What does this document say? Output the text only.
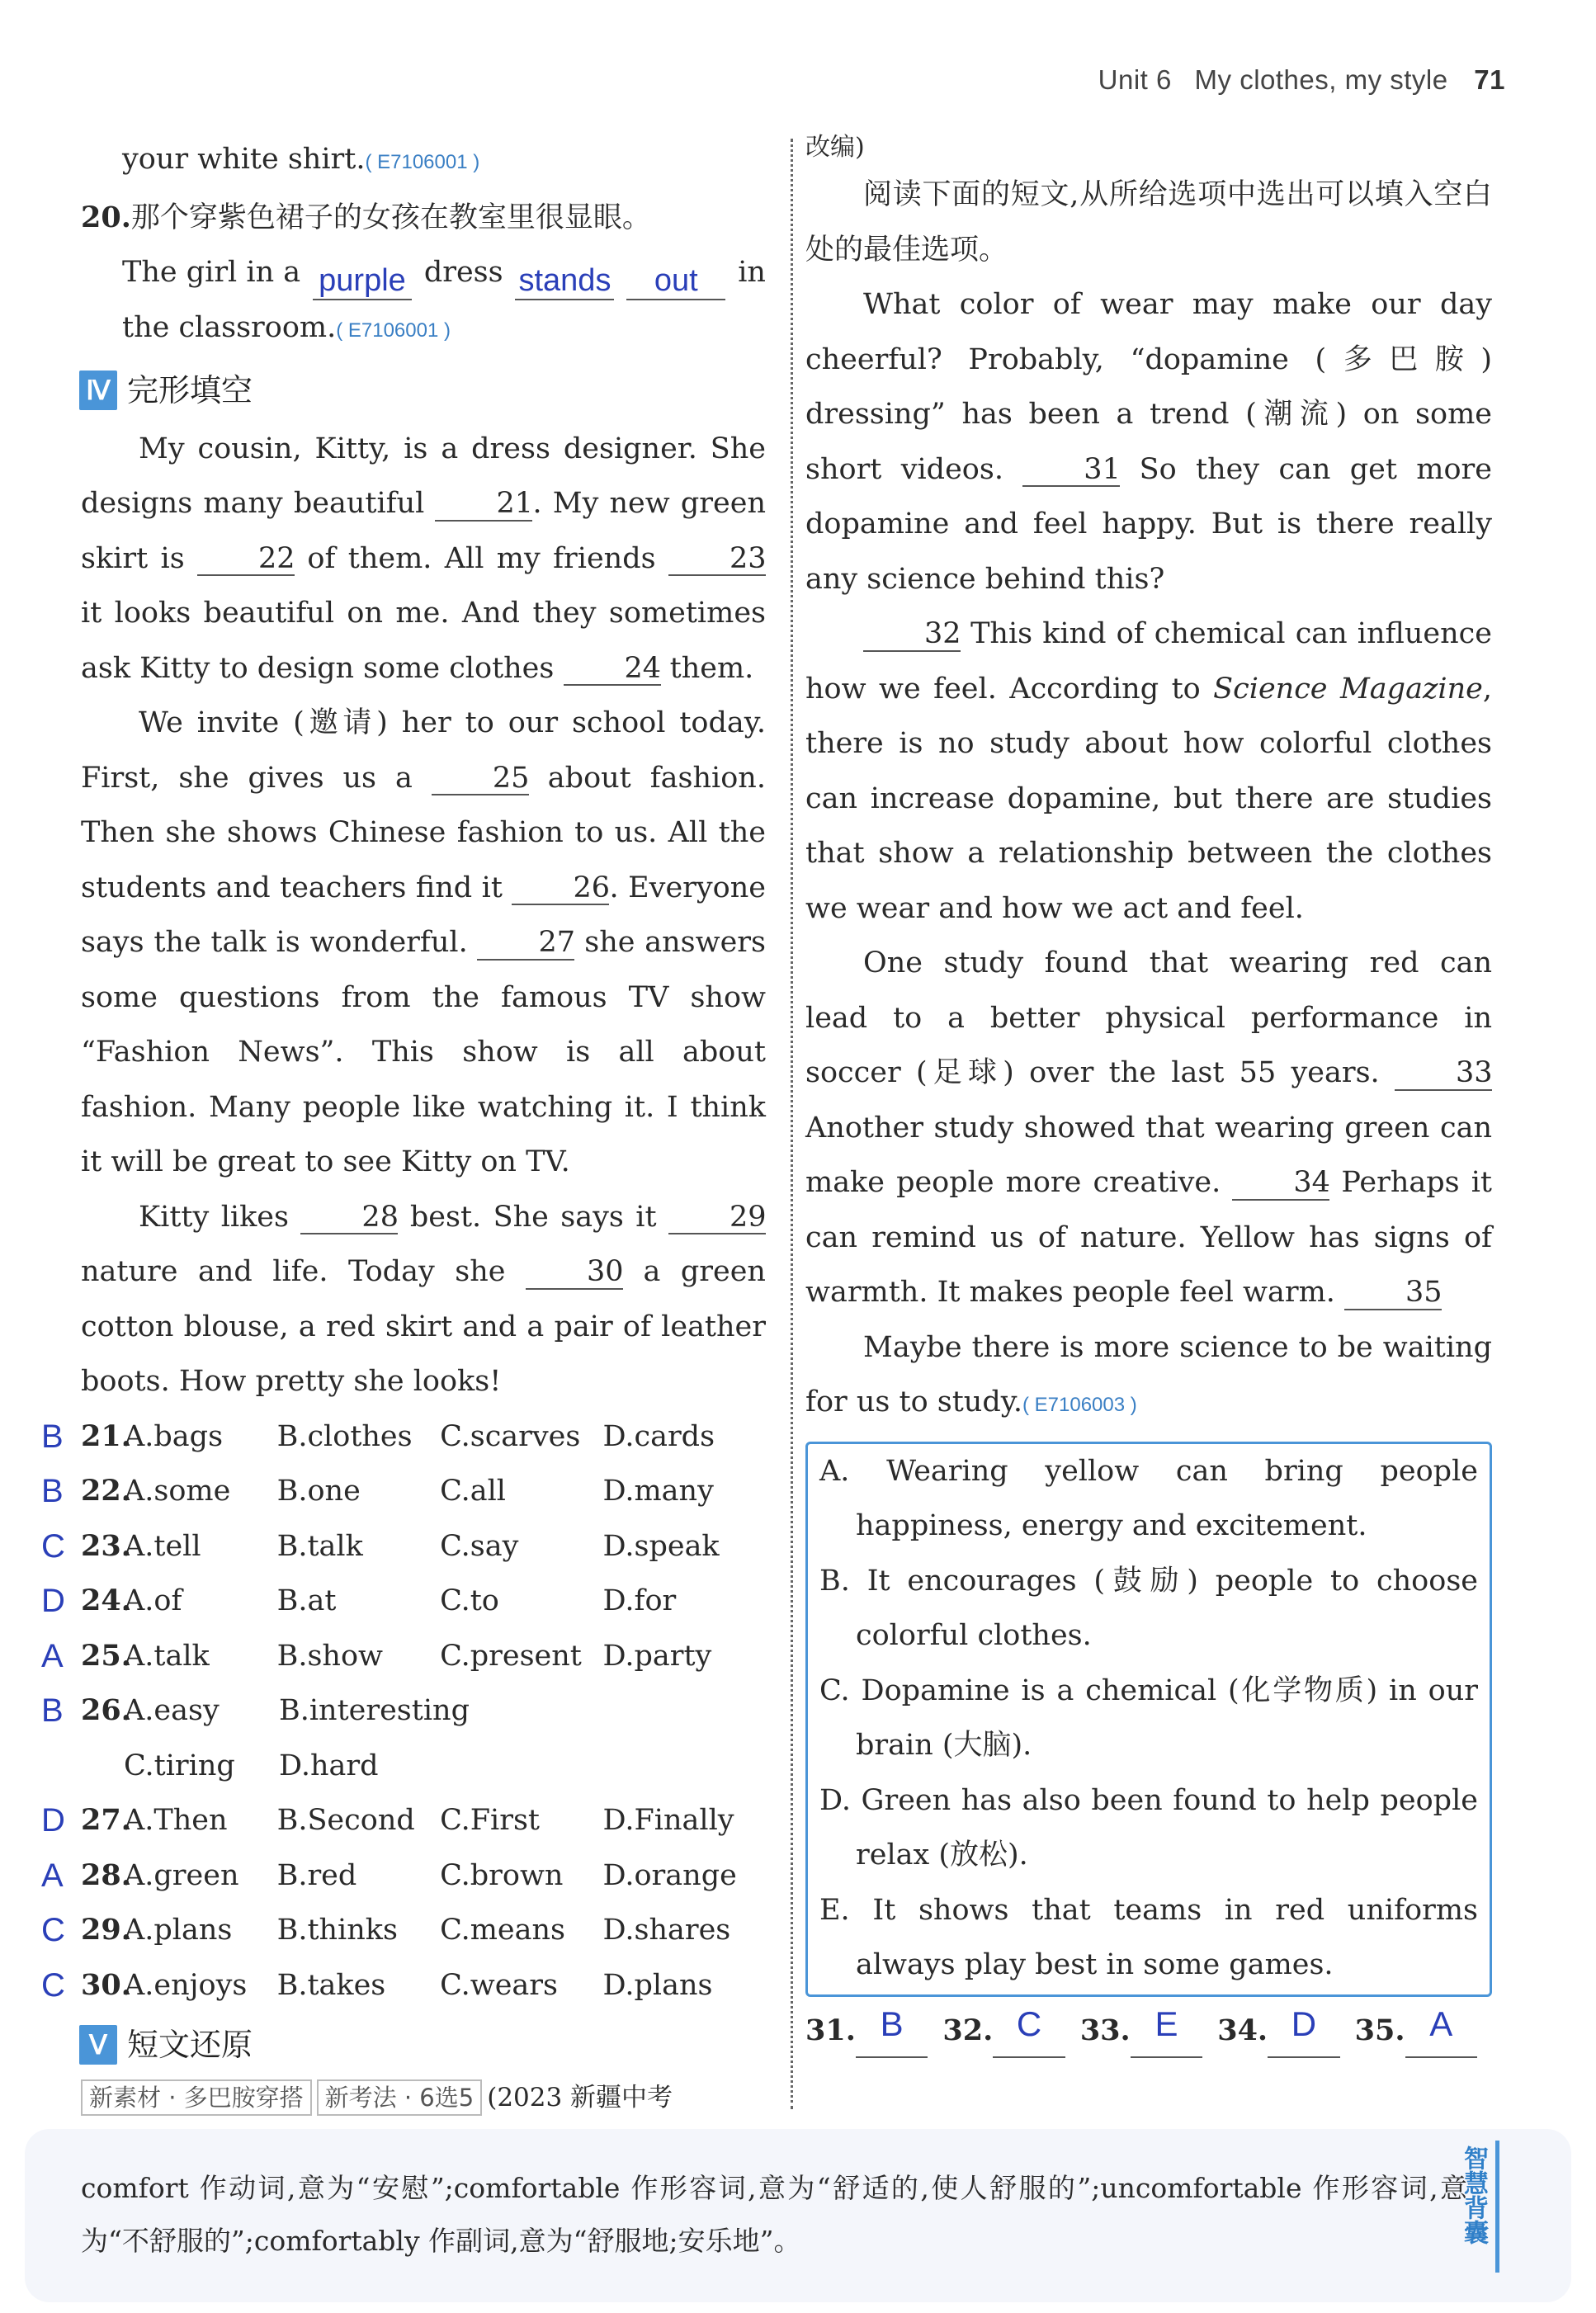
Unit 6 My clothes, my style 71

your white shirt.( E7106001 )

20.那个穿紫色裙子的女孩在教室里很显眼。

The girl in a purple dress stands	out	in

the classroom.( E7106001 )

Ⅳ 完形填空

My cousin, Kitty, is a dress designer. She designs many beautiful 21. My new green skirt is	22 of them. All my friends	23 it looks beautiful on me. And they sometimes ask Kitty to design some clothes 24 them.

We invite (邀请) her to our school today. First, she gives us a	25 about fashion. Then she shows Chinese fashion to us. All the students and teachers find it 26. Everyone says the talk is wonderful. 27 she answers some questions from the famous TV show “Fashion News”. This show is all about fashion. Many people like watching it. I think it will be great to see Kitty on TV.

Kitty likes	28 best. She says it	29 nature and life. Today she	30 a green cotton blouse, a red skirt and a pair of leather boots. How pretty she looks!

B 21.
A.bags	B.clothes C.scarves D.cards
B 22.
A.some	B.one	C.all	D.many
C 23.
A.tell	B.talk	C.say	D.speak
D 24.
A.of	B.at	C.to	D.for
A 25.
A.talk	B.show	C.present D.party
B 26.
A.easy	B.interesting
C.tiring	D.hard
D 27.
A.Then	B.Second C.First	D.Finally
A 28.
A.green	B.red	C.brown	D.orange
C 29.
A.plans	B.thinks	C.means	D.shares
C 30.
A.enjoys	B.takes	C.wears	D.plans
Ⅴ 短文还原
新素材 · 多巴胺穿搭 新考法 · 6选5 (2023 新疆中考

改编)

阅读下面的短文,从所给选项中选出可以填入空白处的最佳选项。

What color of wear may make our day cheerful? Probably, “dopamine (多巴胺) dressing” has been a trend (潮流) on some short videos.	31 So they can get more dopamine and feel happy. But is there really any science behind this?

32 This kind of chemical can influence how we feel. According to Science Magazine, there is no study about how colorful clothes can increase dopamine, but there are studies that show a relationship between the clothes we wear and how we act and feel.

One study found that wearing red can lead to a better physical performance in soccer (足球) over the last 55 years.	33 Another study showed that wearing green can make people more creative.	34 Perhaps it can remind us of nature. Yellow has signs of warmth. It makes people feel warm. 35

Maybe there is more science to be waiting for us to study.( E7106003 )

A. Wearing yellow can bring people happiness, energy and excitement.

B. It encourages (鼓励) people to choose colorful clothes.

C. Dopamine is a chemical (化学物质) in our brain (大脑).

D. Green has also been found to help people relax (放松).

E. It shows that teams in red uniforms always play best in some games.

31. B	32. C	33. E	34. D	35. A

comfort 作动词,意为“安慰”;comfortable 作形容词,意为“舒适的,使人舒服的”;uncomfortable 作形容词,意为“不舒服的”;comfortably 作副词,意为“舒服地;安乐地”。	智慧背囊
